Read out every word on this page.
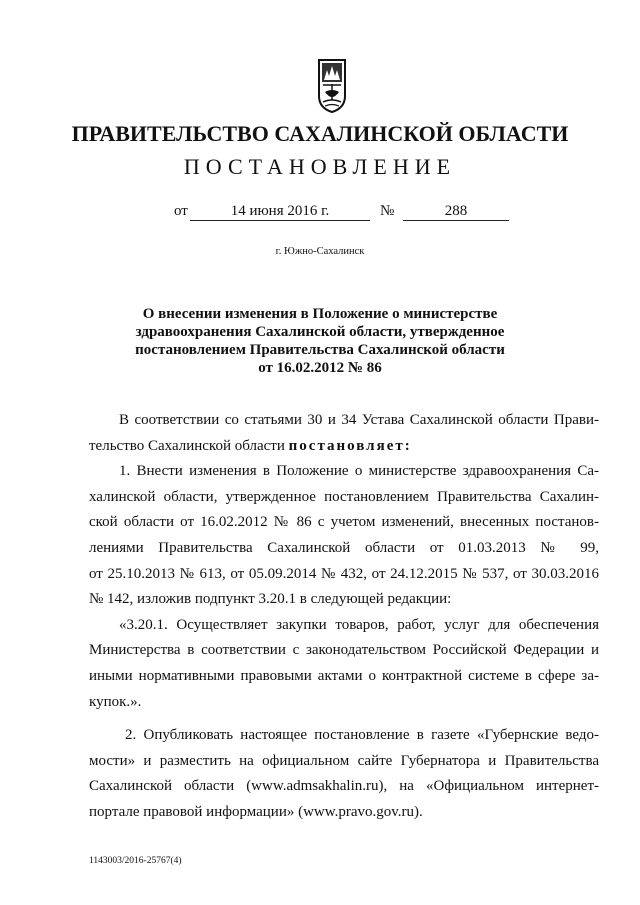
ПРАВИТЕЛЬСТВО САХАЛИНСКОЙ ОБЛАСТИ
ПОСТАНОВЛЕНИЕ
от	14 июня 2016 г.	№	288
г. Южно-Сахалинск
О внесении изменения в Положение о министерстве
здравоохранения Сахалинской области, утвержденное
постановлением Правительства Сахалинской области
от 16.02.2012 № 86
В соответствии со статьями 30 и 34 Устава Сахалинской области Прави-
тельство Сахалинской области постановляет:
1. Внести изменения в Положение о министерстве здравоохранения Са-
халинской области, утвержденное постановлением Правительства Сахалин-
ской области от 16.02.2012 № 86 с учетом изменений, внесенных постанов-
лениями Правительства Сахалинской области от 01.03.2013 № 99,
от 25.10.2013 № 613, от 05.09.2014 № 432, от 24.12.2015 № 537, от 30.03.2016
№ 142, изложив подпункт 3.20.1 в следующей редакции:
«3.20.1. Осуществляет закупки товаров, работ, услуг для обеспечения
Министерства в соответствии с законодательством Российской Федерации и
иными нормативными правовыми актами о контрактной системе в сфере за-
купок.».
2. Опубликовать настоящее постановление в газете «Губернские ведо-
мости» и разместить на официальном сайте Губернатора и Правительства
Сахалинской области (www.admsakhalin.ru), на «Официальном интернет-
портале правовой информации» (www.pravo.gov.ru).
1143003/2016-25767(4)
